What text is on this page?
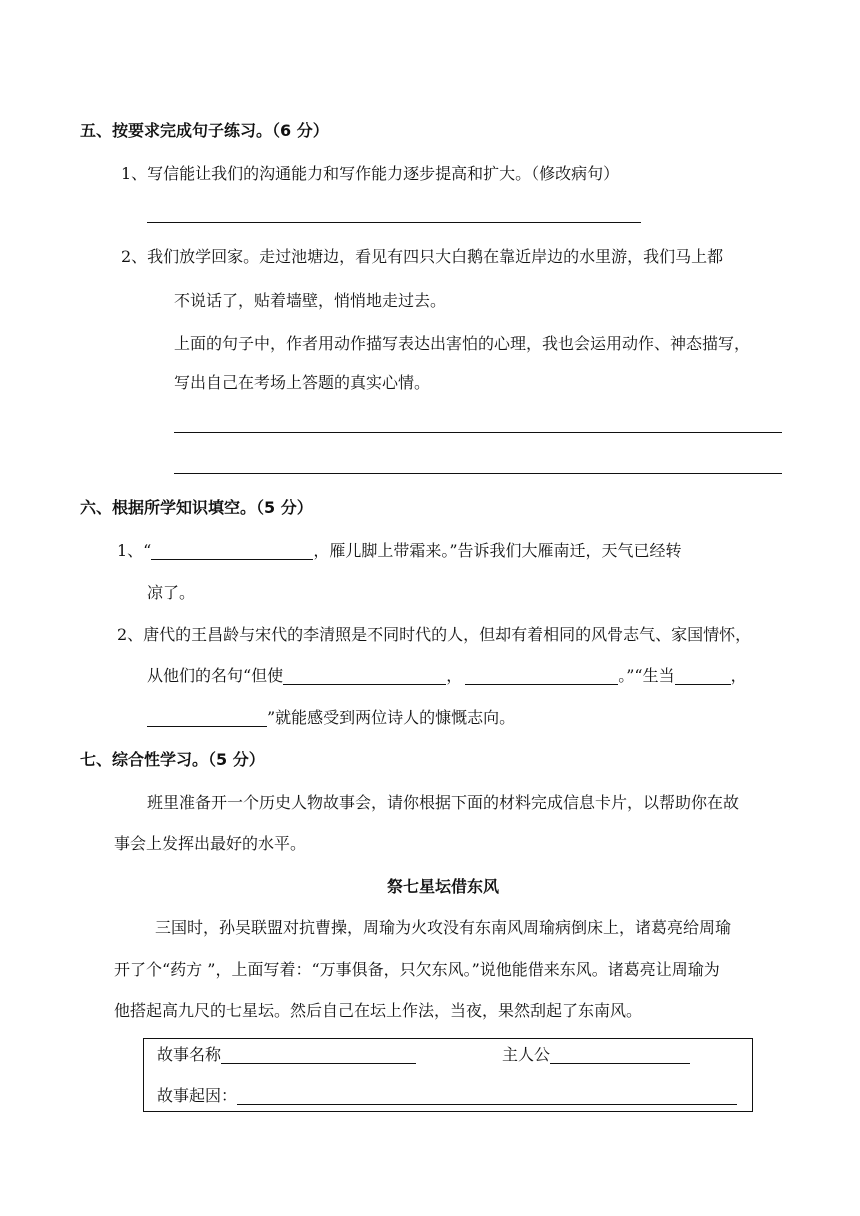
五、按要求完成句子练习。（6 分）
1、写信能让我们的沟通能力和写作能力逐步提高和扩大。（修改病句）
2、我们放学回家。走过池塘边，看见有四只大白鹅在靠近岸边的水里游，我们马上都
不说话了，贴着墙壁，悄悄地走过去。
上面的句子中，作者用动作描写表达出害怕的心理，我也会运用动作、神态描写，
写出自己在考场上答题的真实心情。
六、根据所学知识填空。（5 分）
1、“	，雁儿脚上带霜来。”告诉我们大雁南迁，天气已经转
凉了。
2、唐代的王昌龄与宋代的李清照是不同时代的人，但却有着相同的风骨志气、家国情怀，
从他们的名句“但使	，	。”“生当	，
”就能感受到两位诗人的慷慨志向。
七、综合性学习。（5 分）
班里准备开一个历史人物故事会，请你根据下面的材料完成信息卡片，以帮助你在故
事会上发挥出最好的水平。
祭七星坛借东风
三国时，孙吴联盟对抗曹操，周瑜为火攻没有东南风周瑜病倒床上，诸葛亮给周瑜
开了个“药方 ”，上面写着：“万事俱备，只欠东风。”说他能借来东风。诸葛亮让周瑜为
他搭起高九尺的七星坛。然后自己在坛上作法，当夜，果然刮起了东南风。
故事名称	主人公
故事起因：
